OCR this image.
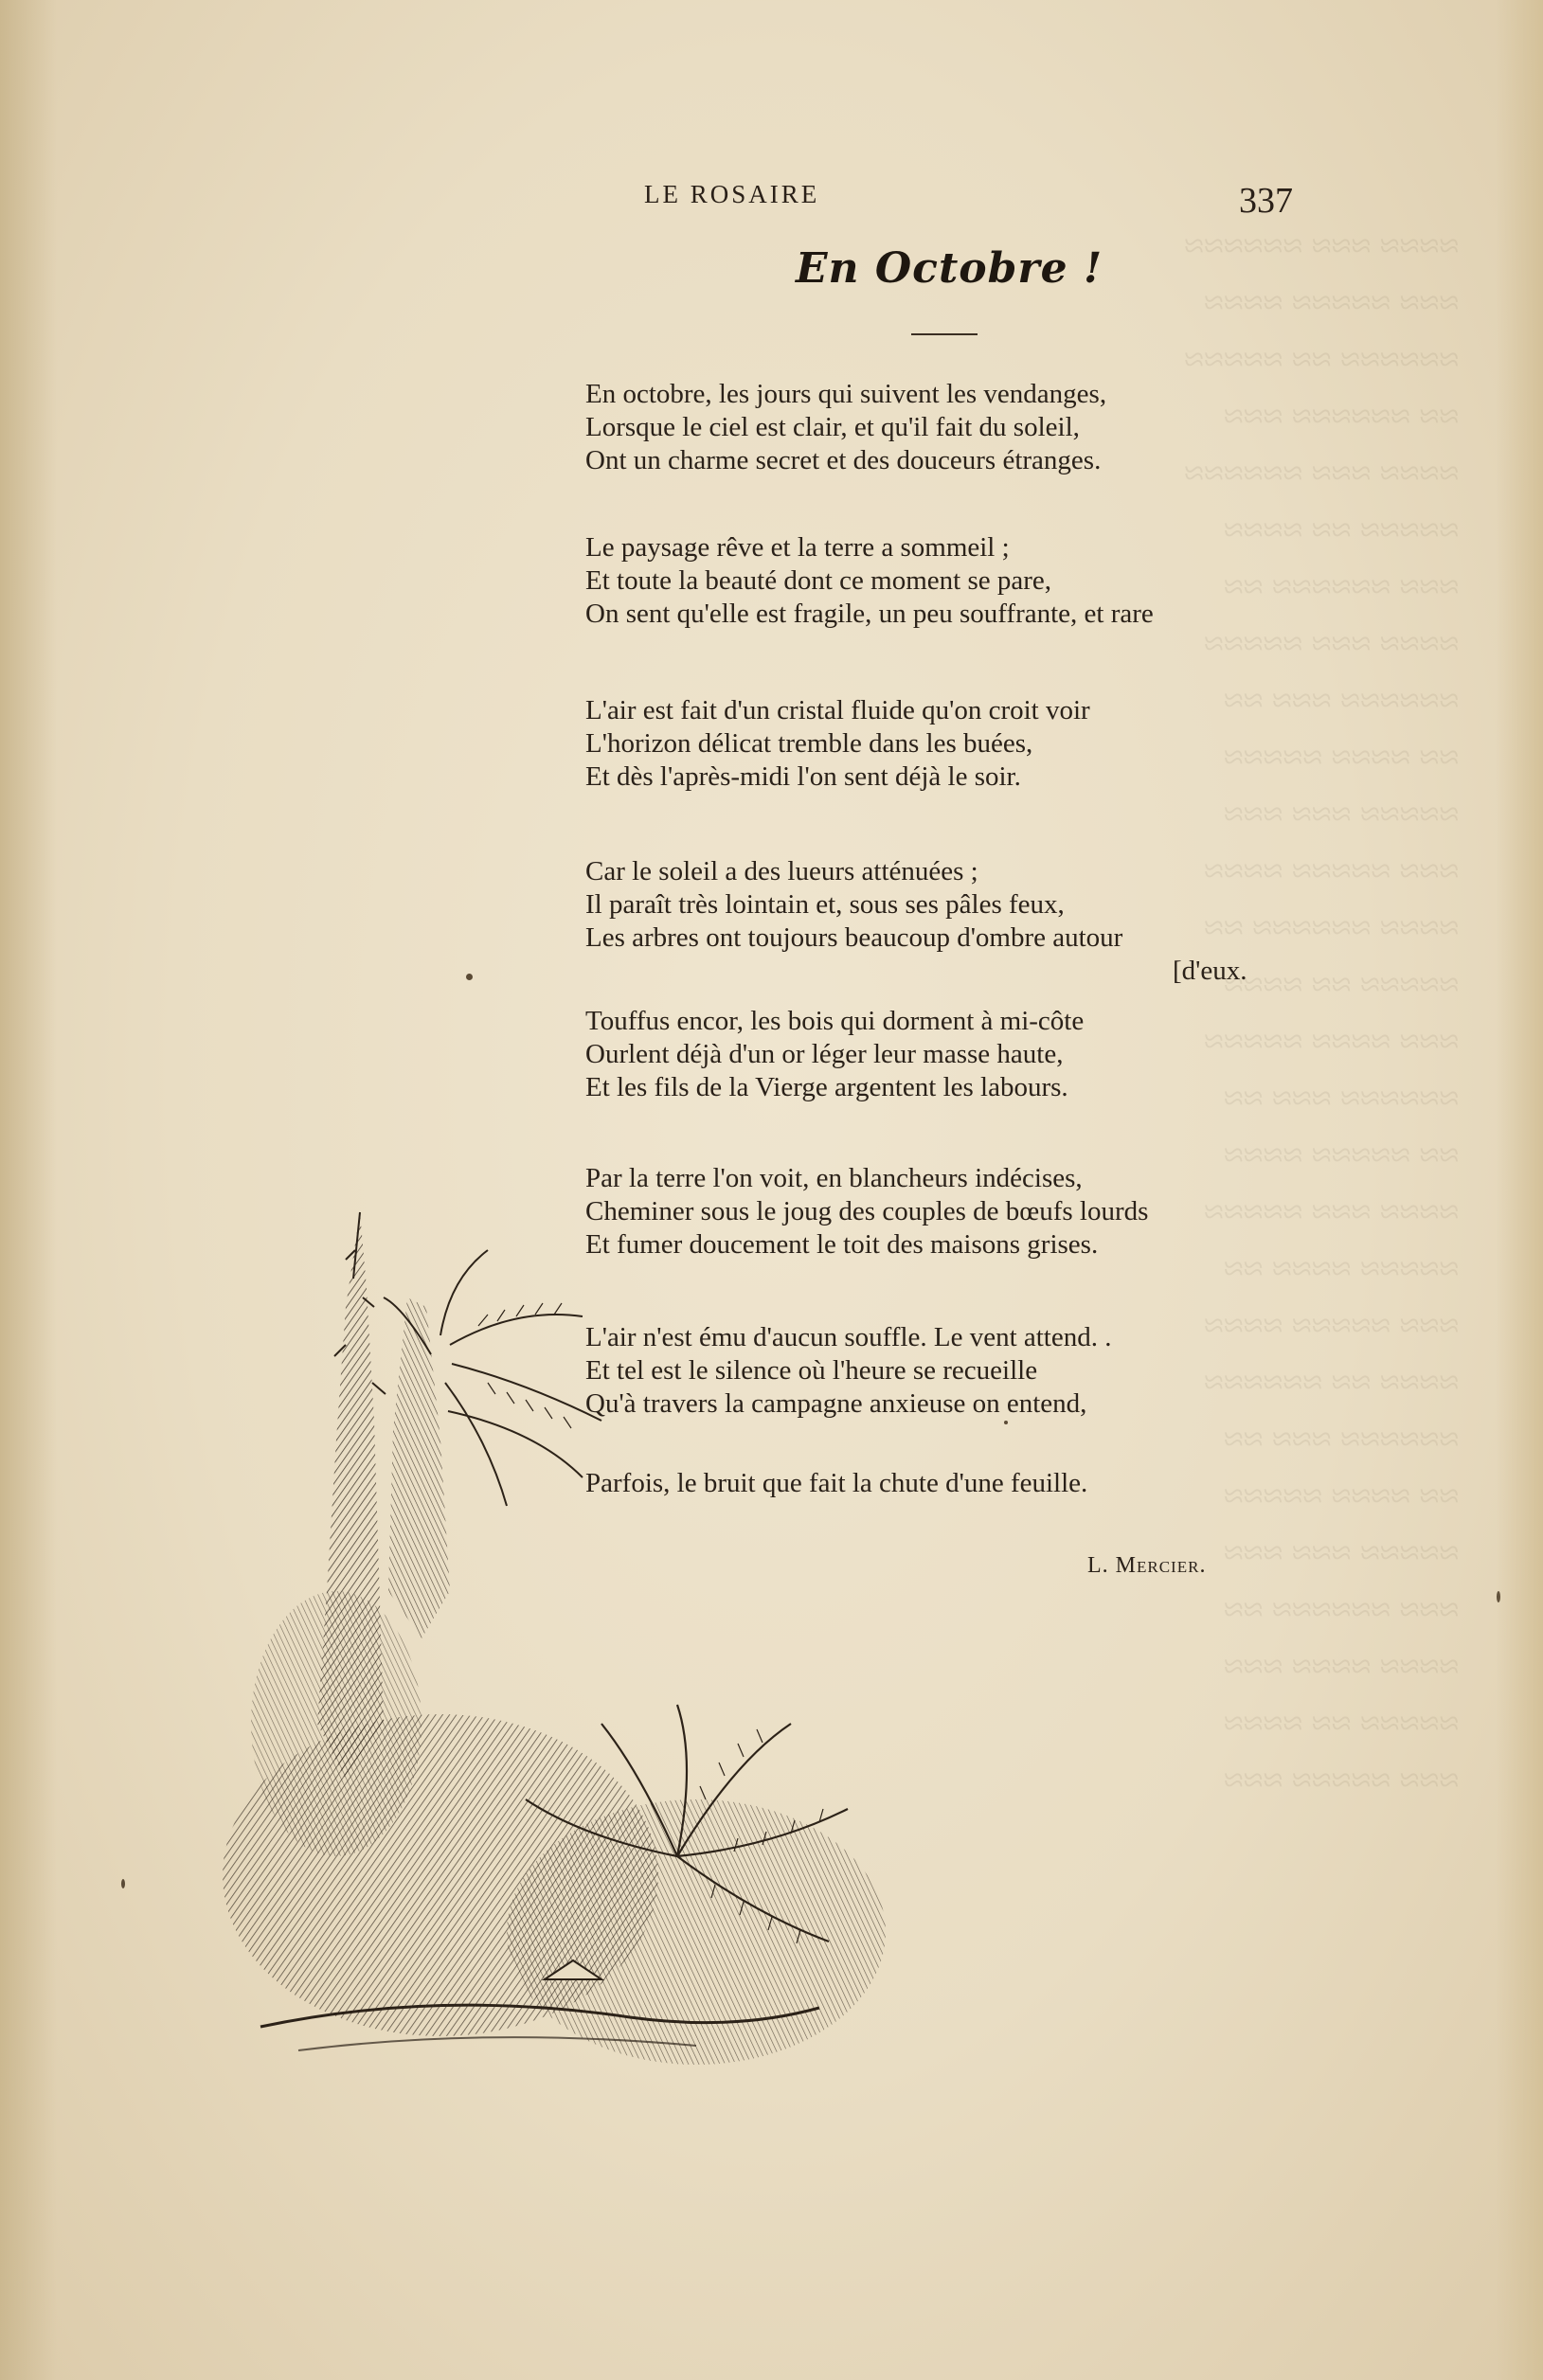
≈≈≈≈ ≈≈≈ ≈≈≈≈≈≈
≈≈≈ ≈≈≈≈≈ ≈≈≈≈
≈≈≈≈≈≈ ≈≈ ≈≈≈≈≈
≈≈ ≈≈≈≈≈≈ ≈≈≈
≈≈≈≈ ≈≈≈ ≈≈≈≈≈≈
≈≈≈≈≈ ≈≈ ≈≈≈≈
≈≈≈ ≈≈≈≈≈≈ ≈≈
≈≈≈≈ ≈≈≈ ≈≈≈≈≈
≈≈≈≈≈≈ ≈≈≈ ≈≈
≈≈ ≈≈≈≈ ≈≈≈≈≈
≈≈≈≈≈ ≈≈≈ ≈≈≈
≈≈≈ ≈≈≈≈≈ ≈≈≈≈
≈≈≈≈ ≈≈≈≈≈≈ ≈≈
≈≈≈≈≈ ≈≈ ≈≈≈≈
≈≈≈ ≈≈≈≈ ≈≈≈≈≈
≈≈≈≈≈≈ ≈≈≈ ≈≈
≈≈ ≈≈≈≈≈ ≈≈≈≈
≈≈≈≈ ≈≈≈ ≈≈≈≈≈
≈≈≈≈≈ ≈≈≈≈ ≈≈
≈≈≈ ≈≈≈≈≈ ≈≈≈≈
≈≈≈≈ ≈≈ ≈≈≈≈≈≈
≈≈≈≈≈≈ ≈≈≈ ≈≈
≈≈ ≈≈≈≈ ≈≈≈≈≈
≈≈≈≈≈ ≈≈≈ ≈≈≈
≈≈≈ ≈≈≈≈≈≈ ≈≈
≈≈≈≈ ≈≈≈≈ ≈≈≈
≈≈≈≈≈ ≈≈ ≈≈≈≈
≈≈≈ ≈≈≈≈≈ ≈≈≈
LE ROSAIRE	337
En Octobre !
En octobre, les jours qui suivent les vendanges,
Lorsque le ciel est clair, et qu'il fait du soleil,
Ont un charme secret et des douceurs étranges.
Le paysage rêve et la terre a sommeil ;
Et toute la beauté dont ce moment se pare,
On sent qu'elle est fragile, un peu souffrante, et rare
L'air est fait d'un cristal fluide qu'on croit voir
L'horizon délicat tremble dans les buées,
Et dès l'après-midi l'on sent déjà le soir.
Car le soleil a des lueurs atténuées ;
Il paraît très lointain et, sous ses pâles feux,
Les arbres ont toujours beaucoup d'ombre autour
[d'eux.
Touffus encor, les bois qui dorment à mi-côte
Ourlent déjà d'un or léger leur masse haute,
Et les fils de la Vierge argentent les labours.
Par la terre l'on voit, en blancheurs indécises,
Cheminer sous le joug des couples de bœufs lourds
Et fumer doucement le toit des maisons grises.
L'air n'est ému d'aucun souffle. Le vent attend. .
Et tel est le silence où l'heure se recueille
Qu'à travers la campagne anxieuse on entend,
Parfois, le bruit que fait la chute d'une feuille.
L. Mercier.
